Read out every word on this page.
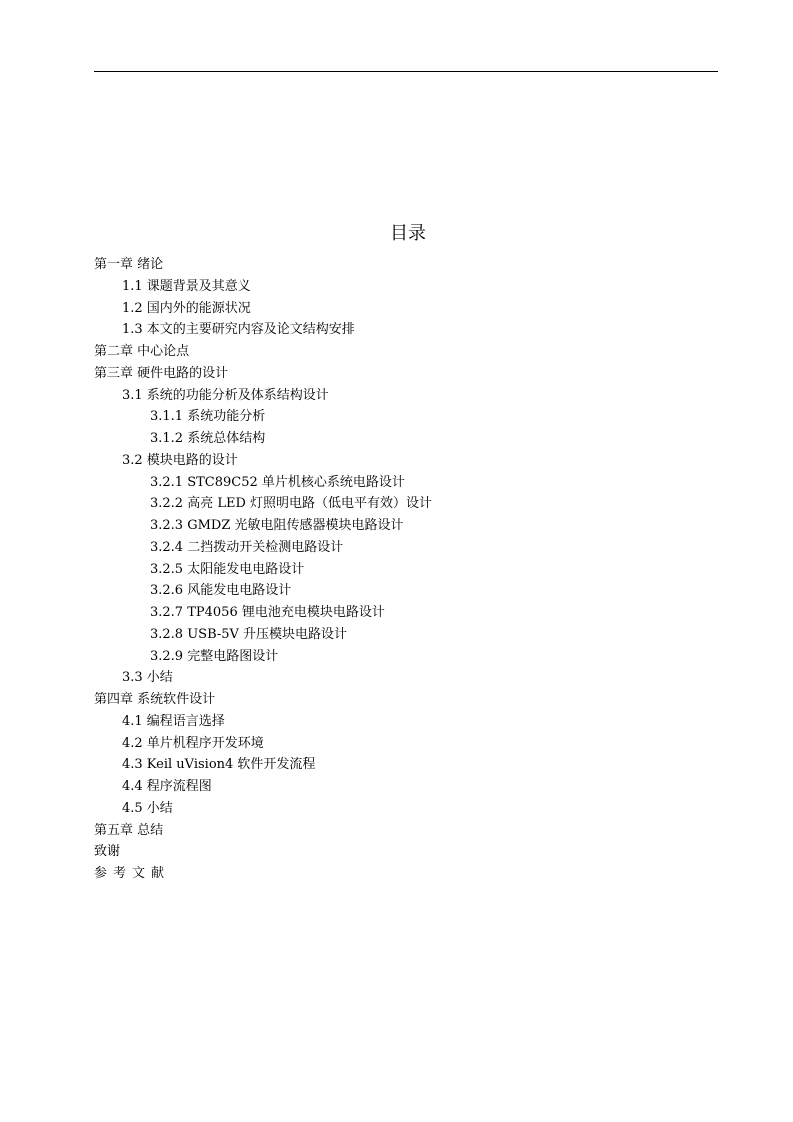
目录
第一章 绪论
1.1 课题背景及其意义
1.2 国内外的能源状况
1.3 本文的主要研究内容及论文结构安排
第二章 中心论点
第三章 硬件电路的设计
3.1 系统的功能分析及体系结构设计
3.1.1 系统功能分析
3.1.2 系统总体结构
3.2 模块电路的设计
3.2.1 STC89C52 单片机核心系统电路设计
3.2.2 高亮 LED 灯照明电路（低电平有效）设计
3.2.3 GMDZ 光敏电阻传感器模块电路设计
3.2.4 二挡拨动开关检测电路设计
3.2.5 太阳能发电电路设计
3.2.6 风能发电电路设计
3.2.7 TP4056 锂电池充电模块电路设计
3.2.8 USB-5V 升压模块电路设计
3.2.9 完整电路图设计
3.3 小结
第四章 系统软件设计
4.1 编程语言选择
4.2 单片机程序开发环境
4.3 Keil uVision4 软件开发流程
4.4 程序流程图
4.5 小结
第五章 总结
致谢
参考文献
